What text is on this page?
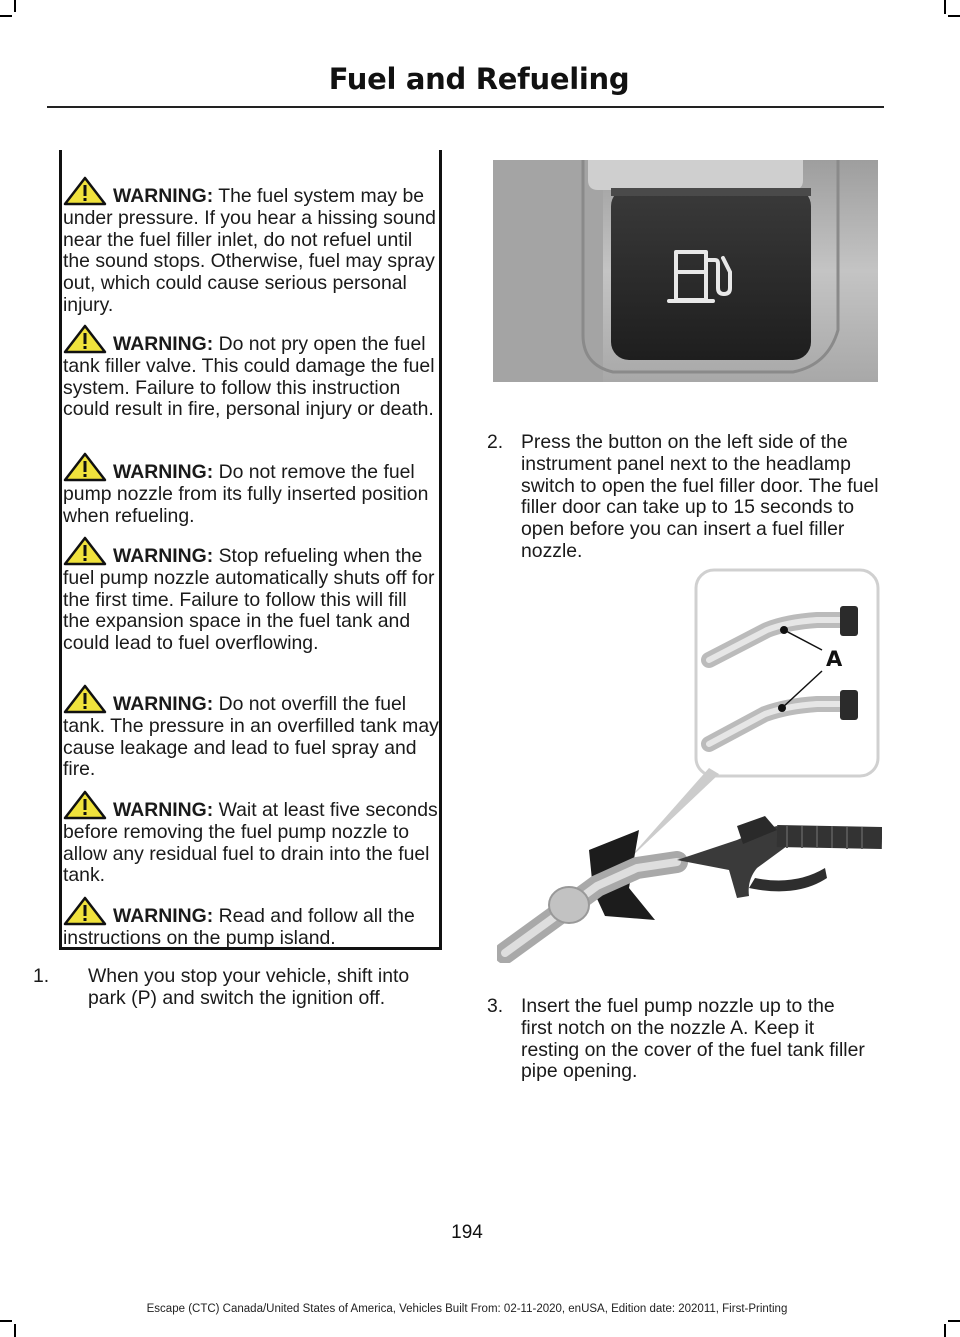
Fuel and Refueling
WARNING: The fuel system may be under pressure. If you hear a hissing sound near the fuel filler inlet, do not refuel until the sound stops. Otherwise, fuel may spray out, which could cause serious personal injury.
WARNING: Do not pry open the fuel tank filler valve. This could damage the fuel system. Failure to follow this instruction could result in fire, personal injury or death.
WARNING: Do not remove the fuel pump nozzle from its fully inserted position when refueling.
WARNING: Stop refueling when the fuel pump nozzle automatically shuts off for the first time. Failure to follow this will fill the expansion space in the fuel tank and could lead to fuel overflowing.
WARNING: Do not overfill the fuel tank. The pressure in an overfilled tank may cause leakage and lead to fuel spray and fire.
WARNING: Wait at least five seconds before removing the fuel pump nozzle to allow any residual fuel to drain into the fuel tank.
WARNING: Read and follow all the instructions on the pump island.
1. When you stop your vehicle, shift into park (P) and switch the ignition off.
2. Press the button on the left side of the instrument panel next to the headlamp switch to open the fuel filler door. The fuel filler door can take up to 15 seconds to open before you can insert a fuel filler nozzle.
A
3. Insert the fuel pump nozzle up to the first notch on the nozzle A. Keep it resting on the cover of the fuel tank filler pipe opening.
194
Escape (CTC) Canada/United States of America, Vehicles Built From: 02-11-2020, enUSA, Edition date: 202011, First-Printing
